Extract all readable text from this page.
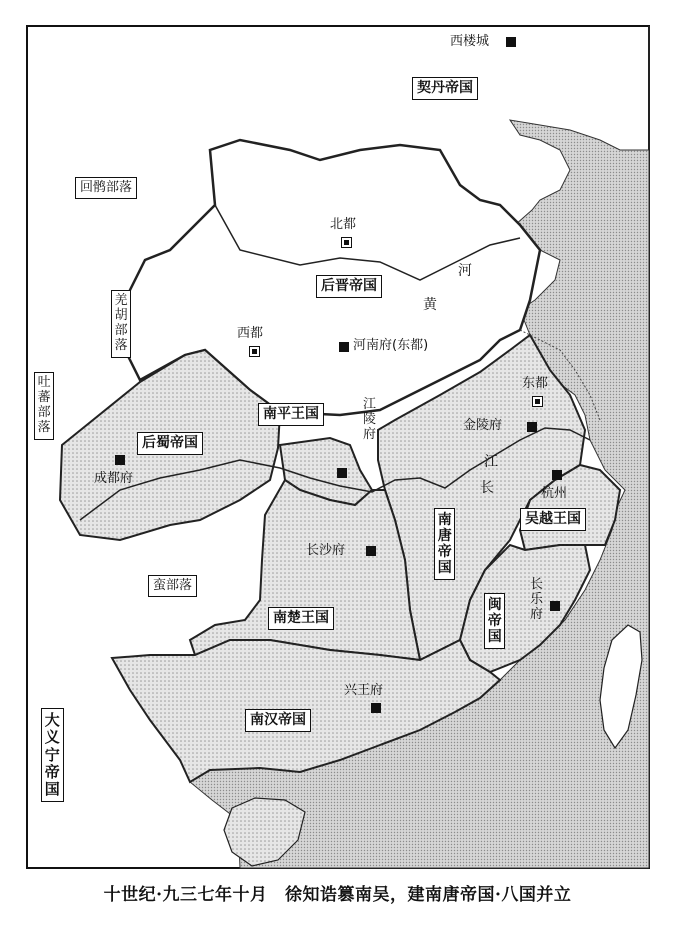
契丹帝国
后晋帝国
南平王国
后蜀帝国
南唐帝国
吴越王国
南楚王国
闽帝国
南汉帝国
大义宁帝国
回鹘部落
羌胡部落
吐蕃部落
蛮部落
西楼城
北都
西都
河南府(东都)
东都
金陵府
江陵府
成都府
杭州
长沙府
长乐府
兴王府
河
黄
江
长
十世纪·九三七年十月　徐知诰篡南吴，建南唐帝国·八国并立
